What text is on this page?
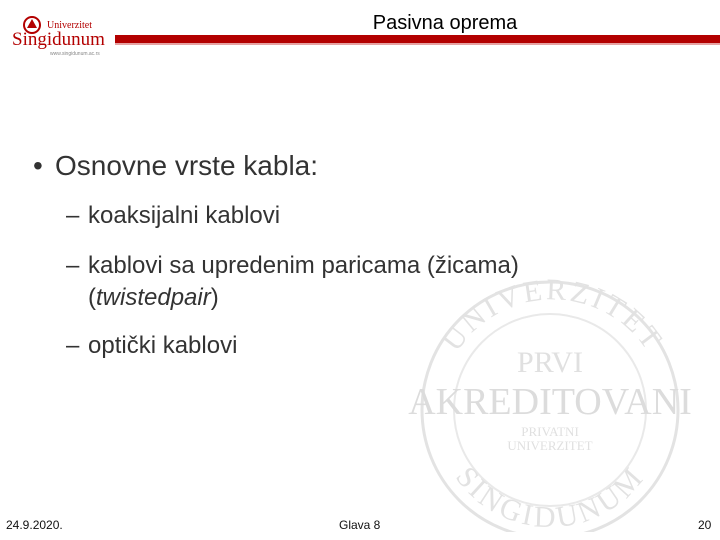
Univerzitet
Singidunum
www.singidunum.ac.rs
Pasivna oprema
UNIVERZITET
PRVI
AKREDITOVANI
PRIVATNI
UNIVERZITET
SINGIDUNUM
• Osnovne vrste kabla:
– koaksijalni kablovi
– kablovi sa upredenim paricama (žicama)
(twistedpair)
– optički kablovi
24.9.2020.	Glava 8	20
